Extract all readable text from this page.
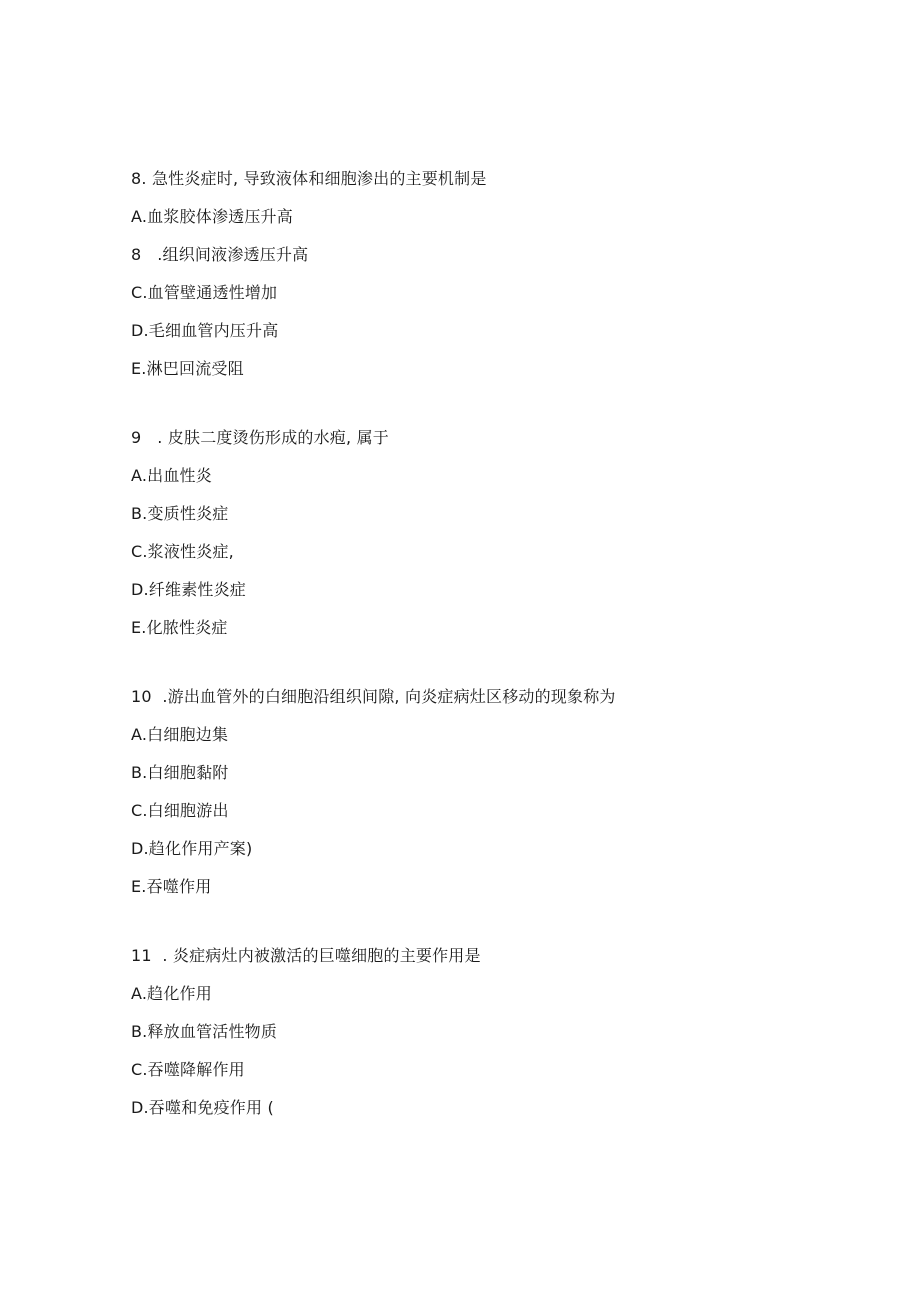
8. 急性炎症时, 导致液体和细胞渗出的主要机制是
A.血浆胶体渗透压升高
8   .组织间液渗透压升高
C.血管壁通透性增加
D.毛细血管内压升高
E.淋巴回流受阻
9   . 皮肤二度烫伤形成的水疱, 属于
A.出血性炎
B.变质性炎症
C.浆液性炎症,
D.纤维素性炎症
E.化脓性炎症
10  .游出血管外的白细胞沿组织间隙, 向炎症病灶区移动的现象称为
A.白细胞边集
B.白细胞黏附
C.白细胞游出
D.趋化作用产案)
E.吞噬作用
11  . 炎症病灶内被激活的巨噬细胞的主要作用是
A.趋化作用
B.释放血管活性物质
C.吞噬降解作用
D.吞噬和免疫作用 (
